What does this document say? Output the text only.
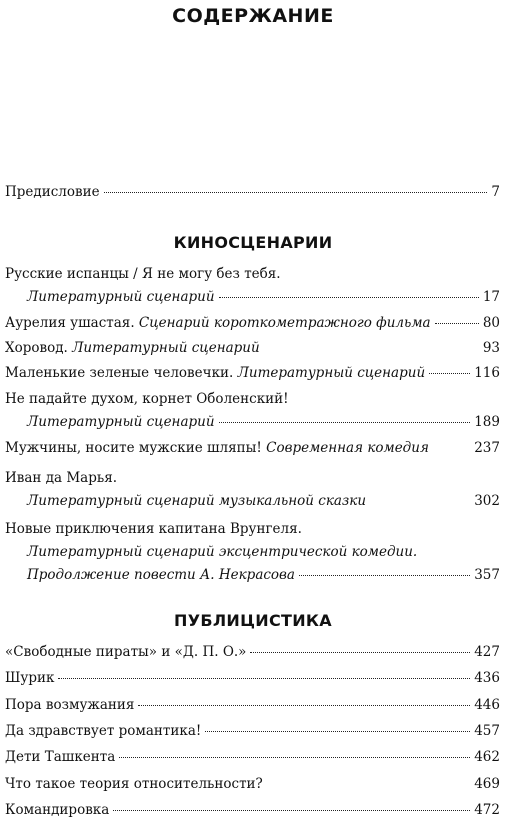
СОДЕРЖАНИЕ
Предисловие	7
КИНОСЦЕНАРИИ
Русские испанцы / Я не могу без тебя.
Литературный сценарий	17
Аурелия ушастая. Сценарий короткометражного фильма	80
Хоровод. Литературный сценарий	93
Маленькие зеленые человечки. Литературный сценарий	116
Не падайте духом, корнет Оболенский!
Литературный сценарий	189
Мужчины, носите мужские шляпы! Современная комедия	237
Иван да Марья.
Литературный сценарий музыкальной сказки	302
Новые приключения капитана Врунгеля.
Литературный сценарий эксцентрической комедии.
Продолжение повести А. Некрасова	357
ПУБЛИЦИСТИКА
«Свободные пираты» и «Д. П. О.»	427
Шурик	436
Пора возмужания	446
Да здравствует романтика!	457
Дети Ташкента	462
Что такое теория относительности?	469
Командировка	472
